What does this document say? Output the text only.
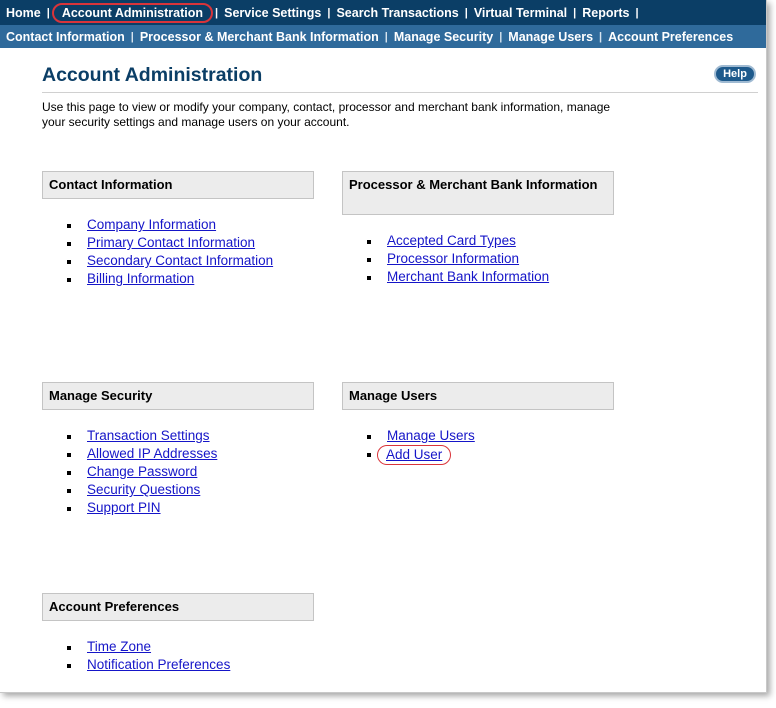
Home | Account Administration	| Service Settings | Search Transactions | Virtual Terminal | Reports |
Contact Information | Processor & Merchant Bank Information | Manage Security | Manage Users | Account Preferences
Account Administration	Help
Use this page to view or modify your company, contact, processor and merchant bank information, manage your security settings and manage users on your account.
Contact Information
Company Information
Primary Contact Information
Secondary Contact Information
Billing Information
Processor & Merchant Bank Information
Accepted Card Types
Processor Information
Merchant Bank Information
Manage Security
Transaction Settings
Allowed IP Addresses
Change Password
Security Questions
Support PIN
Manage Users
Manage Users
Add User
Account Preferences
Time Zone
Notification Preferences
